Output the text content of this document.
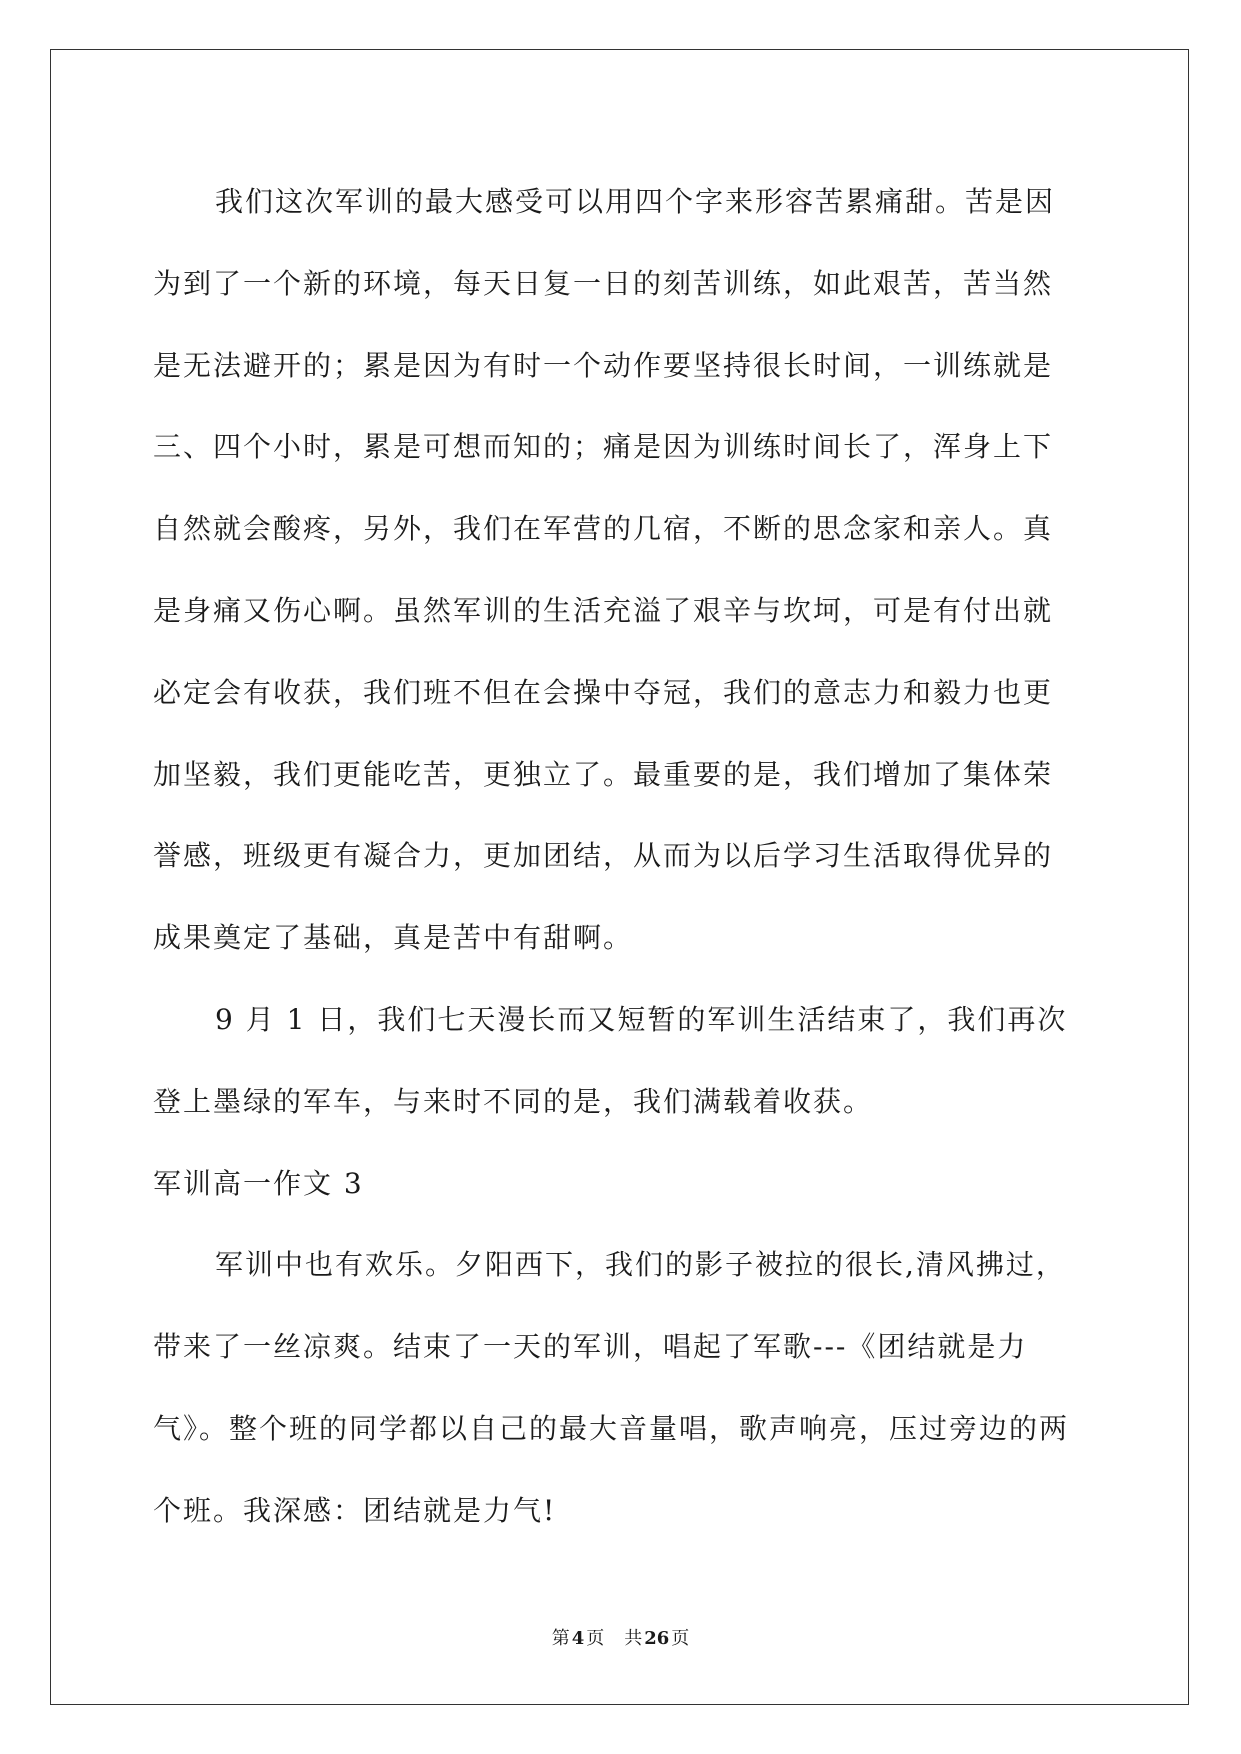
我们这次军训的最大感受可以用四个字来形容苦累痛甜。苦是因
为到了一个新的环境，每天日复一日的刻苦训练，如此艰苦，苦当然
是无法避开的；累是因为有时一个动作要坚持很长时间，一训练就是
三、四个小时，累是可想而知的；痛是因为训练时间长了，浑身上下
自然就会酸疼，另外，我们在军营的几宿，不断的思念家和亲人。真
是身痛又伤心啊。虽然军训的生活充溢了艰辛与坎坷，可是有付出就
必定会有收获，我们班不但在会操中夺冠，我们的意志力和毅力也更
加坚毅，我们更能吃苦，更独立了。最重要的是，我们增加了集体荣
誉感，班级更有凝合力，更加团结，从而为以后学习生活取得优异的
成果奠定了基础，真是苦中有甜啊。
9 月 1 日，我们七天漫长而又短暂的军训生活结束了，我们再次
登上墨绿的军车，与来时不同的是，我们满载着收获。
军训高一作文 3
军训中也有欢乐。夕阳西下，我们的影子被拉的很长,清风拂过，
带来了一丝凉爽。结束了一天的军训，唱起了军歌---《团结就是力
气》。整个班的同学都以自己的最大音量唱，歌声响亮，压过旁边的两
个班。我深感：团结就是力气!
第 4 页 共 26 页
